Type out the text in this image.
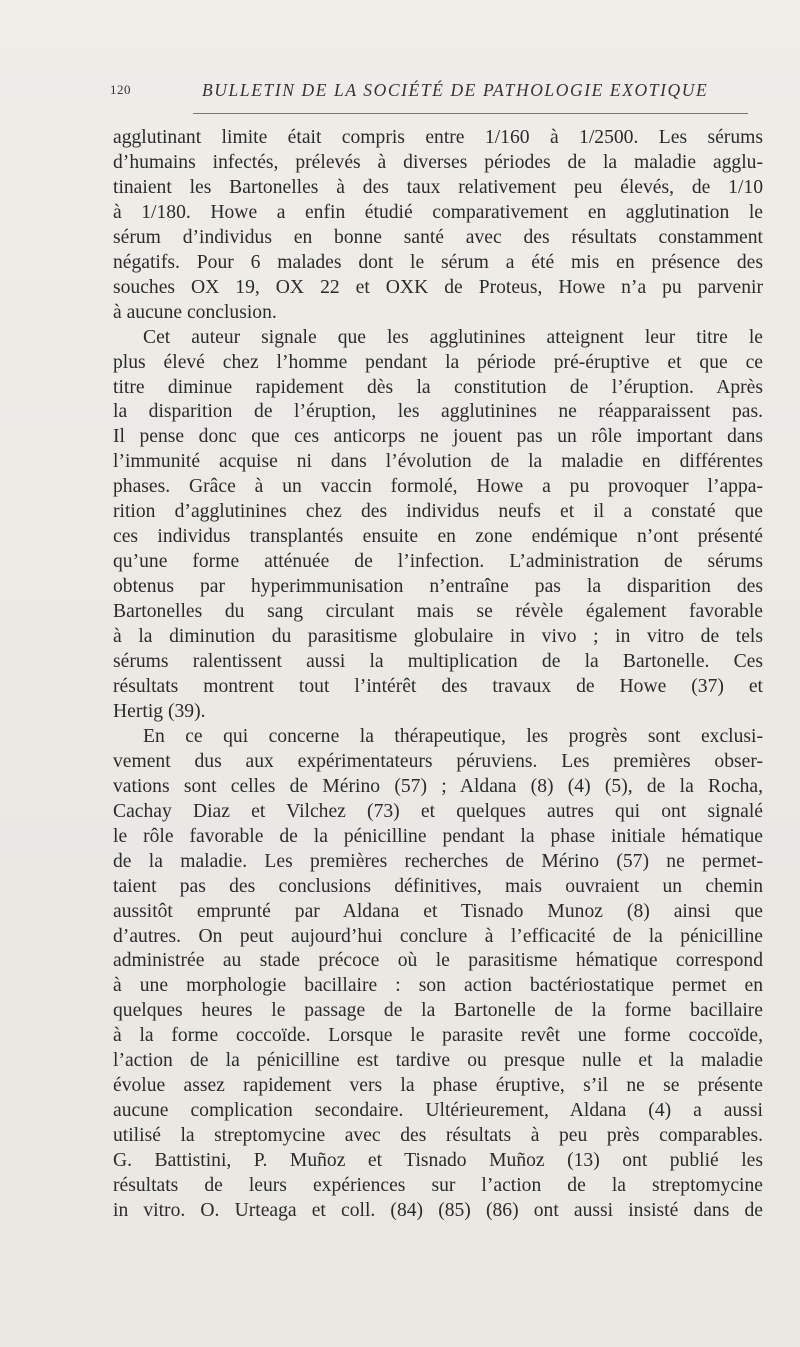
120	BULLETIN DE LA SOCIÉTÉ DE PATHOLOGIE EXOTIQUE

agglutinant limite était compris entre 1/160 à 1/2500. Les sérums
d’humains infectés, prélevés à diverses périodes de la maladie agglu-
tinaient les Bartonelles à des taux relativement peu élevés, de 1/10
à 1/180. Howe a enfin étudié comparativement en agglutination le
sérum d’individus en bonne santé avec des résultats constamment
négatifs. Pour 6 malades dont le sérum a été mis en présence des
souches OX 19, OX 22 et OXK de Proteus, Howe n’a pu parvenir
à aucune conclusion.

Cet auteur signale que les agglutinines atteignent leur titre le
plus élevé chez l’homme pendant la période pré-éruptive et que ce
titre diminue rapidement dès la constitution de l’éruption. Après
la disparition de l’éruption, les agglutinines ne réapparaissent pas.
Il pense donc que ces anticorps ne jouent pas un rôle important dans
l’immunité acquise ni dans l’évolution de la maladie en différentes
phases. Grâce à un vaccin formolé, Howe a pu provoquer l’appa-
rition d’agglutinines chez des individus neufs et il a constaté que
ces individus transplantés ensuite en zone endémique n’ont présenté
qu’une forme atténuée de l’infection. L’administration de sérums
obtenus par hyperimmunisation n’entraîne pas la disparition des
Bartonelles du sang circulant mais se révèle également favorable
à la diminution du parasitisme globulaire in vivo ; in vitro de tels
sérums ralentissent aussi la multiplication de la Bartonelle. Ces
résultats montrent tout l’intérêt des travaux de Howe (37) et
Hertig (39).

En ce qui concerne la thérapeutique, les progrès sont exclusi-
vement dus aux expérimentateurs péruviens. Les premières obser-
vations sont celles de Mérino (57) ; Aldana (8) (4) (5), de la Rocha,
Cachay Diaz et Vilchez (73) et quelques autres qui ont signalé
le rôle favorable de la pénicilline pendant la phase initiale hématique
de la maladie. Les premières recherches de Mérino (57) ne permet-
taient pas des conclusions définitives, mais ouvraient un chemin
aussitôt emprunté par Aldana et Tisnado Munoz (8) ainsi que
d’autres. On peut aujourd’hui conclure à l’efficacité de la pénicilline
administrée au stade précoce où le parasitisme hématique correspond
à une morphologie bacillaire : son action bactériostatique permet en
quelques heures le passage de la Bartonelle de la forme bacillaire
à la forme coccoïde. Lorsque le parasite revêt une forme coccoïde,
l’action de la pénicilline est tardive ou presque nulle et la maladie
évolue assez rapidement vers la phase éruptive, s’il ne se présente
aucune complication secondaire. Ultérieurement, Aldana (4) a aussi
utilisé la streptomycine avec des résultats à peu près comparables.
G. Battistini, P. Muñoz et Tisnado Muñoz (13) ont publié les
résultats de leurs expériences sur l’action de la streptomycine
in vitro. O. Urteaga et coll. (84) (85) (86) ont aussi insisté dans de
